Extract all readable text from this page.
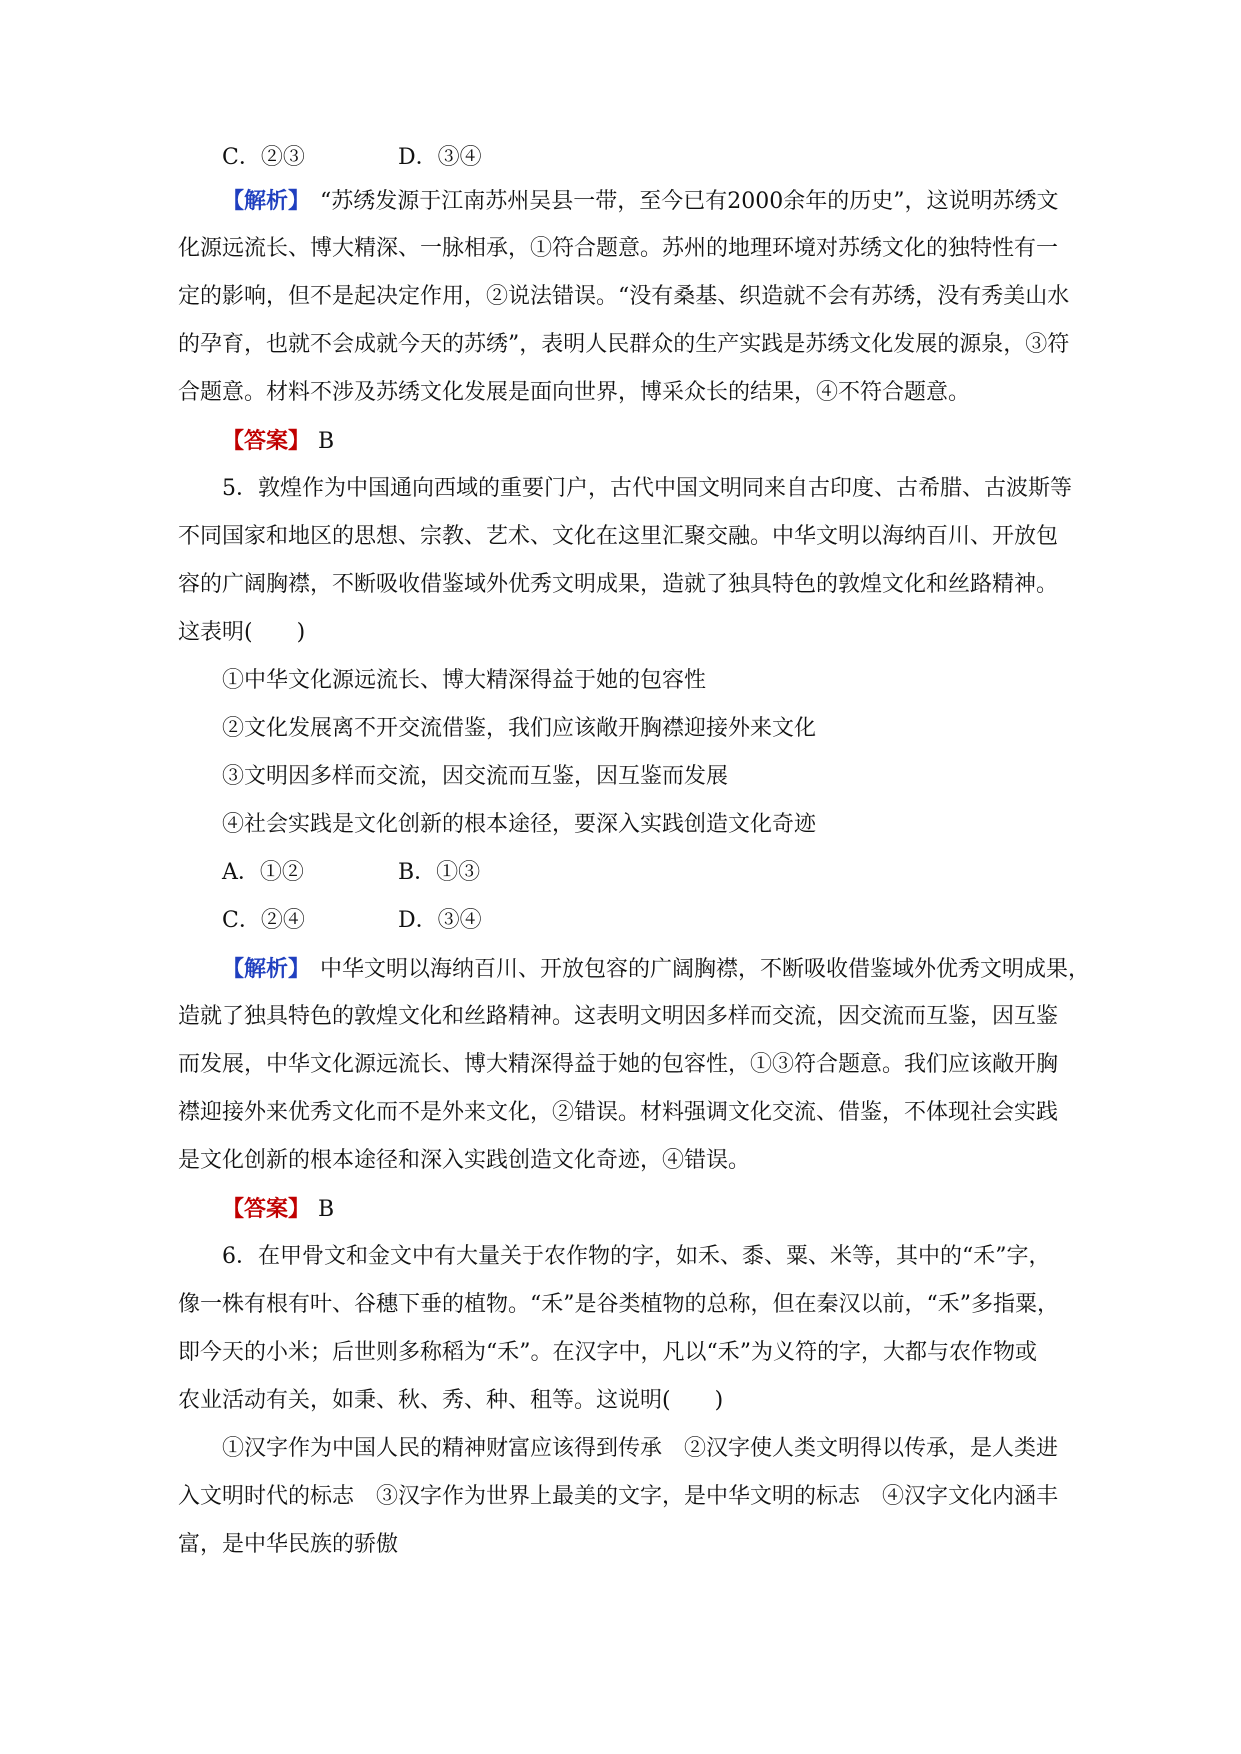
C．②③	D．③④
【解析】 “苏绣发源于江南苏州吴县一带，至今已有2000余年的历史”，这说明苏绣文
化源远流长、博大精深、一脉相承，①符合题意。苏州的地理环境对苏绣文化的独特性有一
定的影响，但不是起决定作用，②说法错误。“没有桑基、织造就不会有苏绣，没有秀美山水
的孕育，也就不会成就今天的苏绣”，表明人民群众的生产实践是苏绣文化发展的源泉，③符
合题意。材料不涉及苏绣文化发展是面向世界，博采众长的结果，④不符合题意。
【答案】 B
5．敦煌作为中国通向西域的重要门户，古代中国文明同来自古印度、古希腊、古波斯等
不同国家和地区的思想、宗教、艺术、文化在这里汇聚交融。中华文明以海纳百川、开放包
容的广阔胸襟，不断吸收借鉴域外优秀文明成果，造就了独具特色的敦煌文化和丝路精神。
这表明(　　)
①中华文化源远流长、博大精深得益于她的包容性
②文化发展离不开交流借鉴，我们应该敞开胸襟迎接外来文化
③文明因多样而交流，因交流而互鉴，因互鉴而发展
④社会实践是文化创新的根本途径，要深入实践创造文化奇迹
A．①②	B．①③
C．②④	D．③④
【解析】 中华文明以海纳百川、开放包容的广阔胸襟，不断吸收借鉴域外优秀文明成果，
造就了独具特色的敦煌文化和丝路精神。这表明文明因多样而交流，因交流而互鉴，因互鉴
而发展，中华文化源远流长、博大精深得益于她的包容性，①③符合题意。我们应该敞开胸
襟迎接外来优秀文化而不是外来文化，②错误。材料强调文化交流、借鉴，不体现社会实践
是文化创新的根本途径和深入实践创造文化奇迹，④错误。
【答案】 B
6．在甲骨文和金文中有大量关于农作物的字，如禾、黍、粟、米等，其中的“禾”字，
像一株有根有叶、谷穗下垂的植物。“禾”是谷类植物的总称，但在秦汉以前，“禾”多指粟，
即今天的小米；后世则多称稻为“禾”。在汉字中，凡以“禾”为义符的字，大都与农作物或
农业活动有关，如秉、秋、秀、种、租等。这说明(　　)
①汉字作为中国人民的精神财富应该得到传承　②汉字使人类文明得以传承，是人类进
入文明时代的标志　③汉字作为世界上最美的文字，是中华文明的标志　④汉字文化内涵丰
富，是中华民族的骄傲
